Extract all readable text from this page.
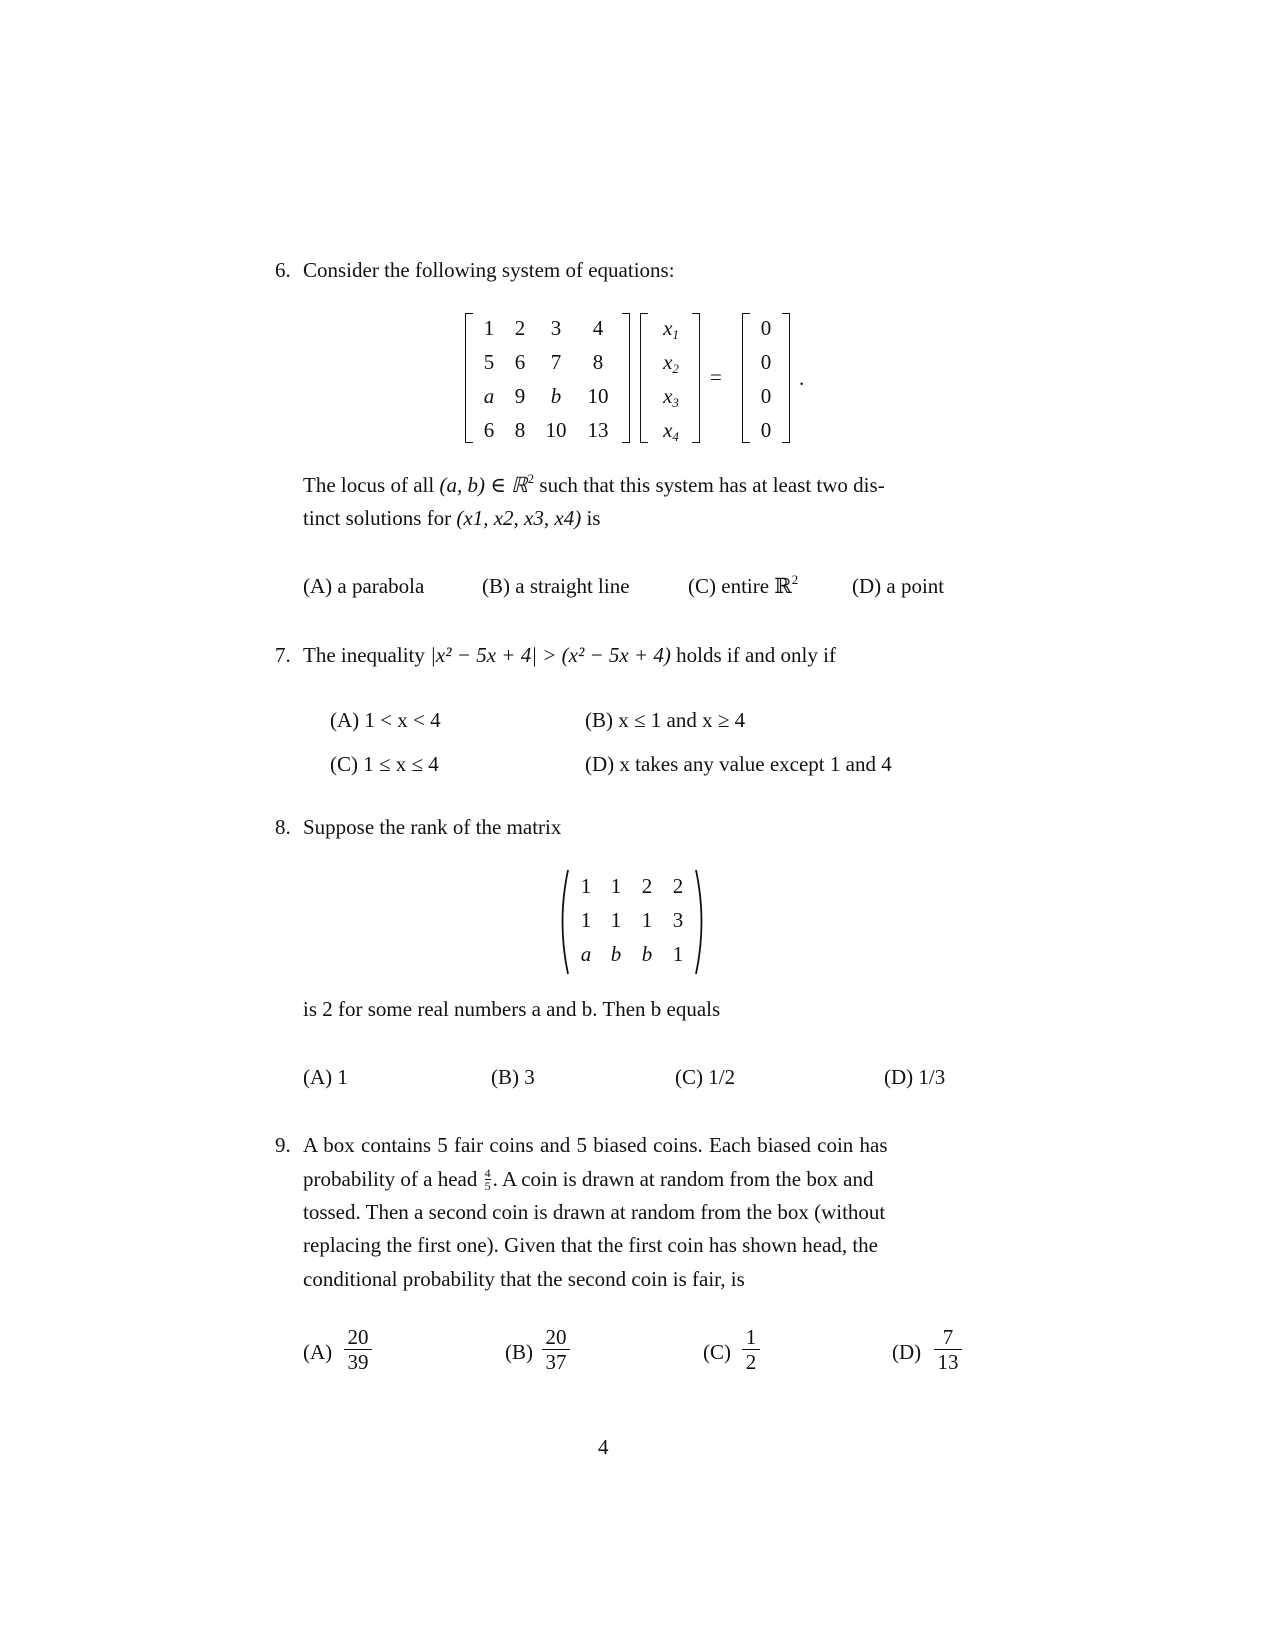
6. Consider the following system of equations:
1 2 3 4
5 6 7 8
a 9 b 10
6 8 10 13
$x_1$
$x_2$
$x_3$
$x_4$
=
0
0
0
0
.
The locus of all (a, b) ∈ ℝ$^2$ such that this system has at least two dis-
tinct solutions for (x1, x2, x3, x4) is
(A) a parabola	(B) a straight line	(C) entire ℝ$^2$	(D) a point
7. The inequality |x² − 5x + 4| > (x² − 5x + 4) holds if and only if
(A) 1 < x < 4	(B) x ≤ 1 and x ≥ 4
(C) 1 ≤ x ≤ 4	(D) x takes any value except 1 and 4
8. Suppose the rank of the matrix
1 1 2 2
1 1 1 3
a b b 1
is 2 for some real numbers a and b. Then b equals
(A) 1	(B) 3	(C) 1/2	(D) 1/3
9. A box contains 5 fair coins and 5 biased coins. Each biased coin has
probability of a head $\frac{4}{5}$ . A coin is drawn at random from the box and
tossed. Then a second coin is drawn at random from the box (without
replacing the first one). Given that the first coin has shown head, the
conditional probability that the second coin is fair, is
(A)
20
39	(B)
20
37	(C)
1
2	(D)
7
13
4
